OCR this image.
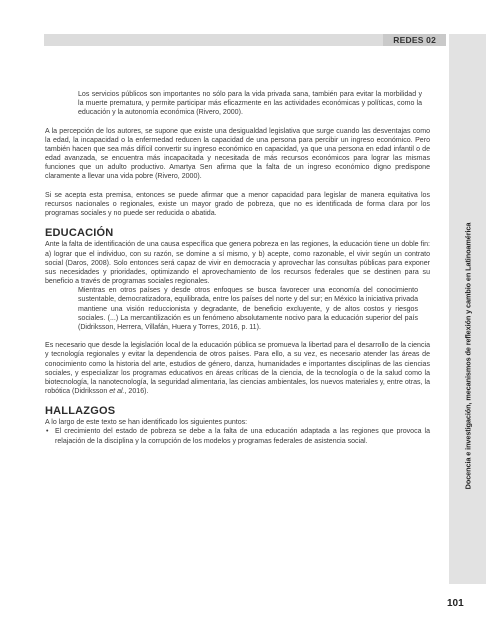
REDES 02
Docencia e investigación, mecanismos de reflexión y cambio en Latinoamérica

Los servicios públicos son importantes no sólo para la vida privada sana, también para evitar la morbilidad y la muerte prematura, y permite participar más eficazmente en las actividades económicas y políticas, como la educación y la autonomía económica (Rivero, 2000).

A la percepción de los autores, se supone que existe una desigualdad legislativa que surge cuando las desventajas como la edad, la incapacidad o la enfermedad reducen la capacidad de una persona para percibir un ingreso económico. Pero también hacen que sea más difícil convertir su ingreso económico en capacidad, ya que una persona en edad infantil o de edad avanzada, se encuentra más incapacitada y necesitada de más recursos económicos para lograr las mismas funciones que un adulto productivo. Amartya Sen afirma que la falta de un ingreso económico digno predispone claramente a llevar una vida pobre (Rivero, 2000).

Si se acepta esta premisa, entonces se puede afirmar que a menor capacidad para legislar de manera equitativa los recursos nacionales o regionales, existe un mayor grado de pobreza, que no es identificada de forma clara por los programas sociales y no puede ser reducida o abatida.

EDUCACIÓN

Ante la falta de identificación de una causa específica que genera pobreza en las regiones, la educación tiene un doble fin: a) lograr que el individuo, con su razón, se domine a sí mismo, y b) acepte, como razonable, el vivir según un contrato social (Daros, 2008). Solo entonces será capaz de vivir en democracia y aprovechar las consultas públicas para exponer sus necesidades y prioridades, optimizando el aprovechamiento de los recursos federales que se destinen para su beneficio a través de programas sociales regionales.

Mientras en otros países y desde otros enfoques se busca favorecer una economía del conocimiento sustentable, democratizadora, equilibrada, entre los países del norte y del sur; en México la iniciativa privada mantiene una visión reduccionista y degradante, de beneficio excluyente, y de altos costos y riesgos sociales. (...) La mercantilización es un fenómeno absolutamente nocivo para la educación superior del país (Didriksson, Herrera, Villafán, Huera y Torres, 2016, p. 11).

Es necesario que desde la legislación local de la educación pública se promueva la libertad para el desarrollo de la ciencia y tecnología regionales y evitar la dependencia de otros países. Para ello, a su vez, es necesario atender las áreas de conocimiento como la historia del arte, estudios de género, danza, humanidades e importantes disciplinas de las ciencias sociales, y especializar los programas educativos en áreas críticas de la ciencia, de la tecnología o de la salud como la biotecnología, la nanotecnología, la seguridad alimentaria, las ciencias ambientales, los nuevos materiales y, entre otras, la robótica (Didriksson et al., 2016).

HALLAZGOS

A lo largo de este texto se han identificado los siguientes puntos:

• El crecimiento del estado de pobreza se debe a la falta de una educación adaptada a las regiones que provoca la relajación de la disciplina y la corrupción de los modelos y programas federales de asistencia social.
101
